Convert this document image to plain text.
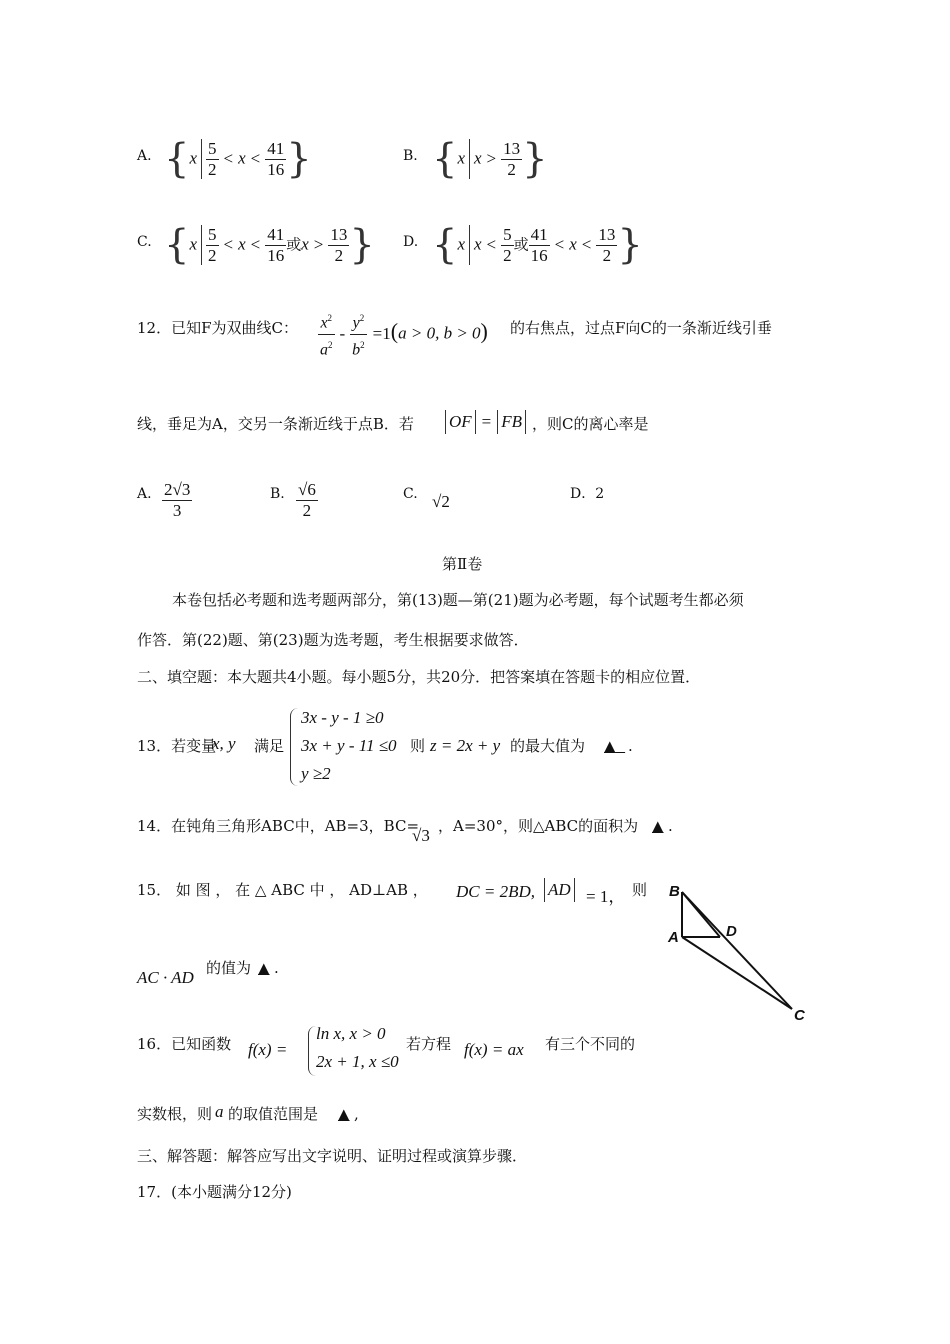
A. {$x \frac{5}{2} < x < \frac{41}{16}$ }	B. {x $x > \frac{13}{2}$ }
C. {$x \frac{5}{2} < x < \frac{41}{16}$ 或$x > \frac{13}{2}$ } D. {x $x < \frac{5}{2}$ 或 $\frac{41}{16} < x < \frac{13}{2}$ }
12．已知F为双曲线C： $\frac{x^2}{a^2} - \frac{y^2}{b^2} =1(a > 0$, b > 0) 的右焦点，过点F向C的一条渐近线引垂
线，垂足为A，交另一条渐近线于点B．若 OF = FB ，则C的离心率是
A. $\frac{2√3}{3}$	B. $\frac{√6}{2}$	C. √2	D．2
第Ⅱ卷
本卷包括必考题和选考题两部分，第(13)题—第(21)题为必考题，每个试题考生都必须
作答．第(22)题、第(23)题为选考题，考生根据要求做答．
二、填空题：本大题共4小题。每小题5分，共20分．把答案填在答题卡的相应位置．
13．若变量
x, y 满足
3x - y - 1 ≥0
3x + y - 11 ≤0
y ≥2
则 z = 2x + y 的最大值为 ▲ .
14．在钝角三角形ABC中，AB=3，BC=
√3 ，A=30°，则△ABC的面积为 ▲ .
15． 如 图 ， 在 △ ABC 中 ， AD⊥AB ， DC = 2BD, AD = 1， 则
AC · AD 的值为 ▲ .
B
A	D
C
16．已知函数 f(x) =
ln x, x > 0
2x + 1, x ≤0
若方程 f(x) = ax 有三个不同的
实数根，则 a 的取值范围是 ▲ ,
三、解答题：解答应写出文字说明、证明过程或演算步骤．
17．(本小题满分12分)
